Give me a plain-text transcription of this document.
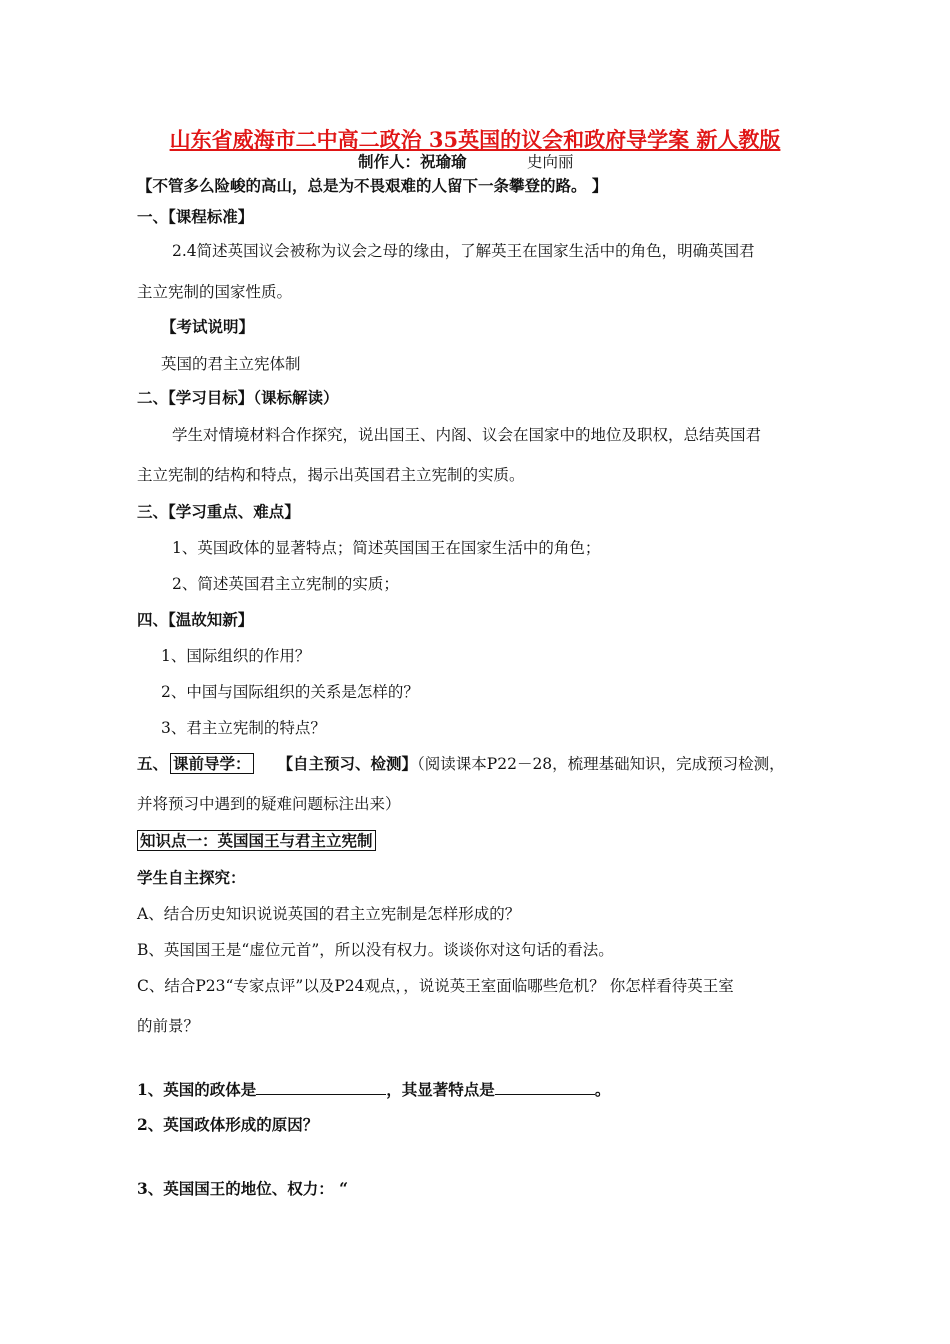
山东省威海市二中高二政治 35英国的议会和政府导学案 新人教版
制作人：祝瑜瑜	史向丽
【不管多么险峻的高山，总是为不畏艰难的人留下一条攀登的路。 】
一、【课程标准】
2.4简述英国议会被称为议会之母的缘由，了解英王在国家生活中的角色，明确英国君
主立宪制的国家性质。
【考试说明】
英国的君主立宪体制
二、【学习目标】（课标解读）
学生对情境材料合作探究，说出国王、内阁、议会在国家中的地位及职权，总结英国君
主立宪制的结构和特点，揭示出英国君主立宪制的实质。
三、【学习重点、难点】
1、英国政体的显著特点；简述英国国王在国家生活中的角色；
2、简述英国君主立宪制的实质；
四、【温故知新】
1、国际组织的作用？
2、中国与国际组织的关系是怎样的？
3、君主立宪制的特点？
五、 课前导学： 【自主预习、检测】（阅读课本P22－28，梳理基础知识，完成预习检测，
并将预习中遇到的疑难问题标注出来）
知识点一：英国国王与君主立宪制
学生自主探究：
A、结合历史知识说说英国的君主立宪制是怎样形成的？
B、英国国王是“虚位元首”，所以没有权力。谈谈你对这句话的看法。
C、结合P23“专家点评”以及P24观点，，说说英王室面临哪些危机？ 你怎样看待英王室
的前景？
1、英国的政体是	，其显著特点是	。
2、英国政体形成的原因？
3、英国国王的地位、权力： “
